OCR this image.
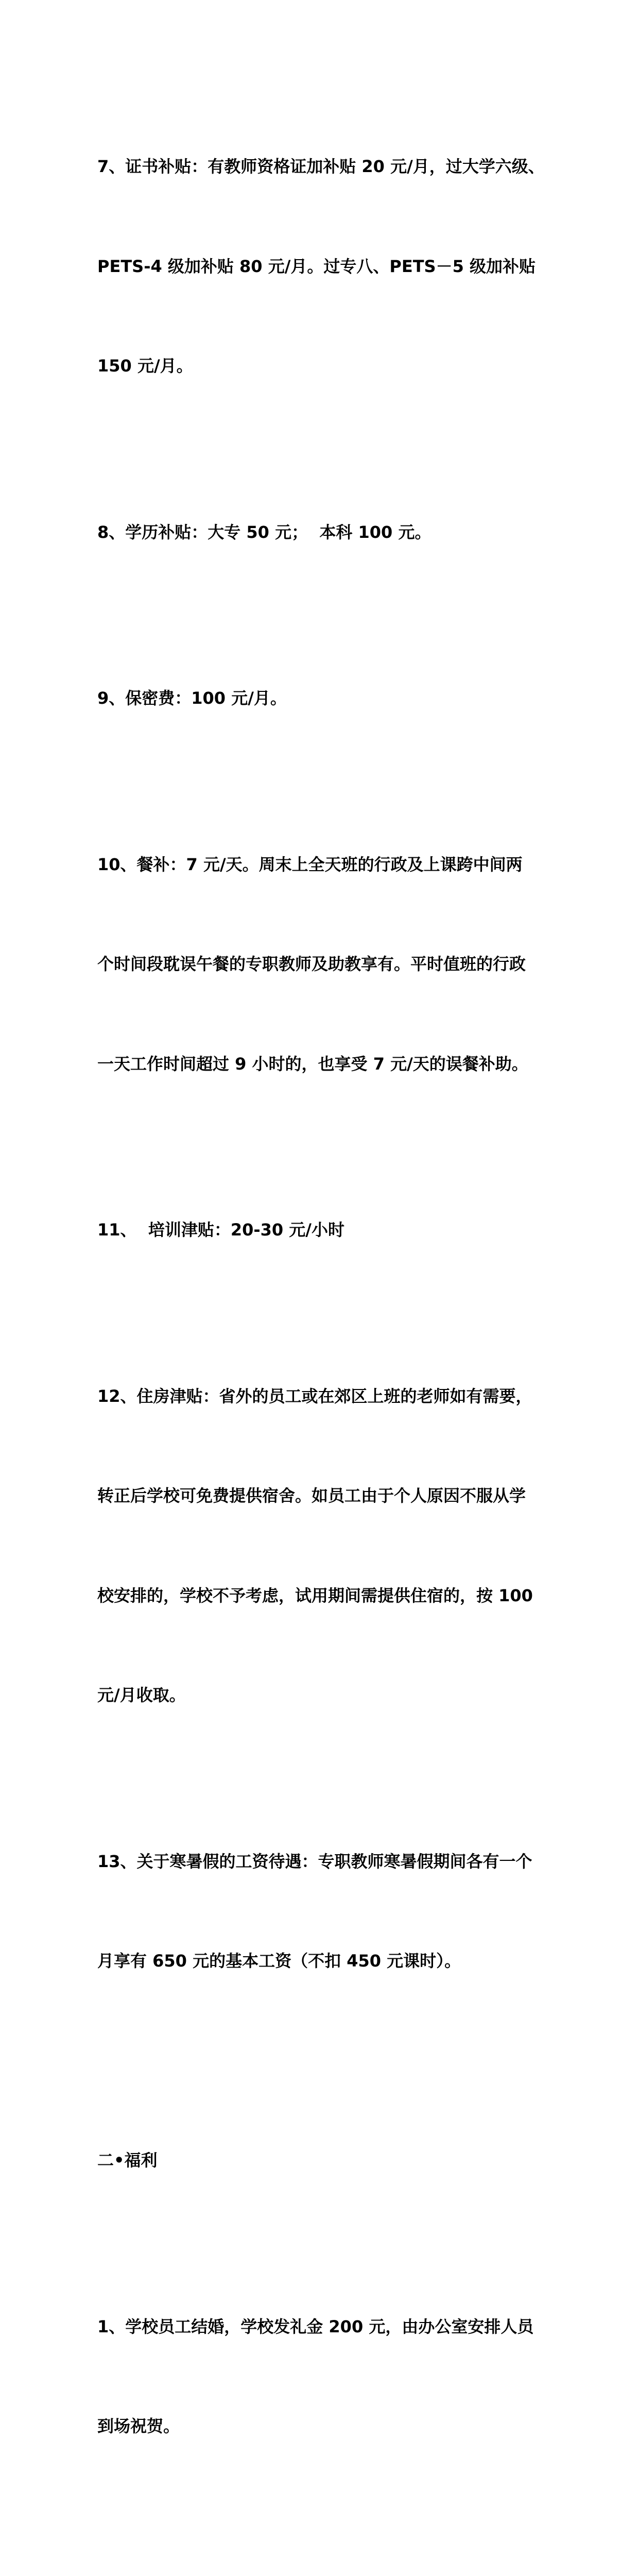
7、证书补贴：有教师资格证加补贴 20 元/月，过大学六级、

PETS-4 级加补贴 80 元/月。过专八、PETS－5 级加补贴

150 元/月。

8、学历补贴：大专 50 元；  本科 100 元。

9、保密费：100 元/月。

10、餐补：7 元/天。周末上全天班的行政及上课跨中间两

个时间段耽误午餐的专职教师及助教享有。平时值班的行政

一天工作时间超过 9 小时的，也享受 7 元/天的误餐补助。

11、  培训津贴：20-30 元/小时

12、住房津贴：省外的员工或在郊区上班的老师如有需要，

转正后学校可免费提供宿舍。如员工由于个人原因不服从学

校安排的，学校不予考虑，试用期间需提供住宿的，按 100

元/月收取。

13、关于寒暑假的工资待遇：专职教师寒暑假期间各有一个

月享有 650 元的基本工资（不扣 450 元课时）。

二•福利

1、学校员工结婚，学校发礼金 200 元，由办公室安排人员

到场祝贺。
